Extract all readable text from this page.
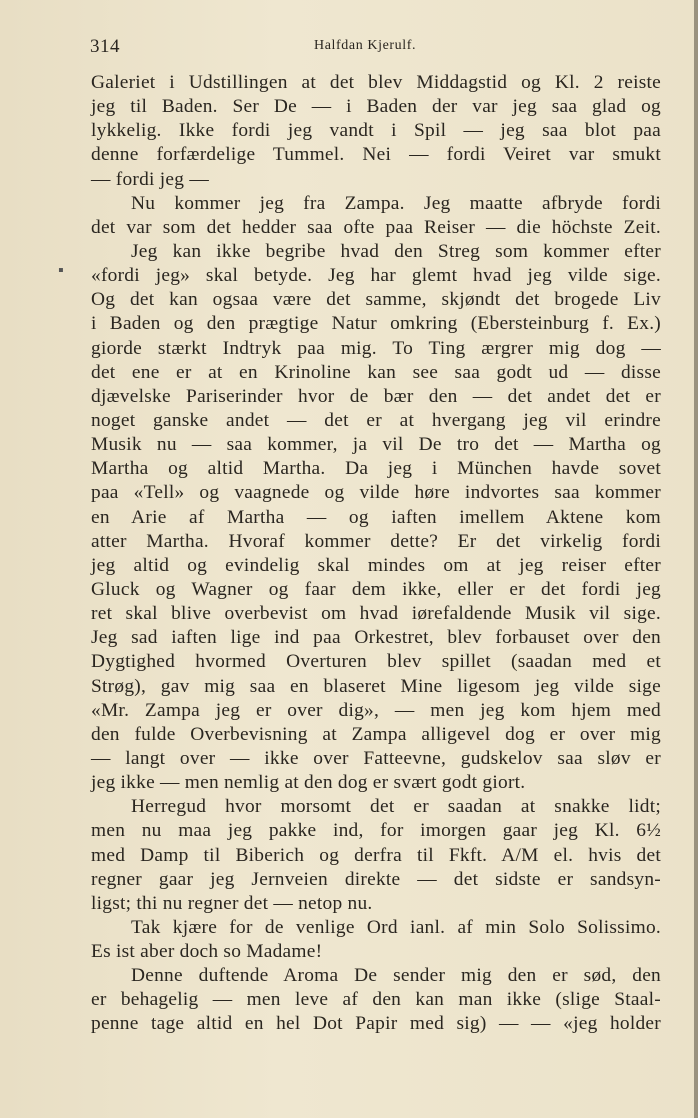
314	Halfdan Kjerulf.
▪
Galeriet i Udstillingen at det blev Middagstid og Kl. 2 reiste
jeg til Baden. Ser De — i Baden der var jeg saa glad og
lykkelig. Ikke fordi jeg vandt i Spil — jeg saa blot paa
denne forfærdelige Tummel. Nei — fordi Veiret var smukt
— fordi jeg —
Nu kommer jeg fra Zampa. Jeg maatte afbryde fordi
det var som det hedder saa ofte paa Reiser — die höchste Zeit.
Jeg kan ikke begribe hvad den Streg som kommer efter
«fordi jeg» skal betyde. Jeg har glemt hvad jeg vilde sige.
Og det kan ogsaa være det samme, skjøndt det brogede Liv
i Baden og den prægtige Natur omkring (Ebersteinburg f. Ex.)
giorde stærkt Indtryk paa mig. To Ting ærgrer mig dog —
det ene er at en Krinoline kan see saa godt ud — disse
djævelske Pariserinder hvor de bær den — det andet det er
noget ganske andet — det er at hvergang jeg vil erindre
Musik nu — saa kommer, ja vil De tro det — Martha og
Martha og altid Martha. Da jeg i München havde sovet
paa «Tell» og vaagnede og vilde høre indvortes saa kommer
en Arie af Martha — og iaften imellem Aktene kom
atter Martha. Hvoraf kommer dette? Er det virkelig fordi
jeg altid og evindelig skal mindes om at jeg reiser efter
Gluck og Wagner og faar dem ikke, eller er det fordi jeg
ret skal blive overbevist om hvad iørefaldende Musik vil sige.
Jeg sad iaften lige ind paa Orkestret, blev forbauset over den
Dygtighed hvormed Overturen blev spillet (saadan med et
Strøg), gav mig saa en blaseret Mine ligesom jeg vilde sige
«Mr. Zampa jeg er over dig», — men jeg kom hjem med
den fulde Overbevisning at Zampa alligevel dog er over mig
— langt over — ikke over Fatteevne, gudskelov saa sløv er
jeg ikke — men nemlig at den dog er svært godt giort.
Herregud hvor morsomt det er saadan at snakke lidt;
men nu maa jeg pakke ind, for imorgen gaar jeg Kl. 6½
med Damp til Biberich og derfra til Fkft. A/M el. hvis det
regner gaar jeg Jernveien direkte — det sidste er sandsyn-
ligst; thi nu regner det — netop nu.
Tak kjære for de venlige Ord ianl. af min Solo Solissimo.
Es ist aber doch so Madame!
Denne duftende Aroma De sender mig den er sød, den
er behagelig — men leve af den kan man ikke (slige Staal-
penne tage altid en hel Dot Papir med sig) — — «jeg holder
